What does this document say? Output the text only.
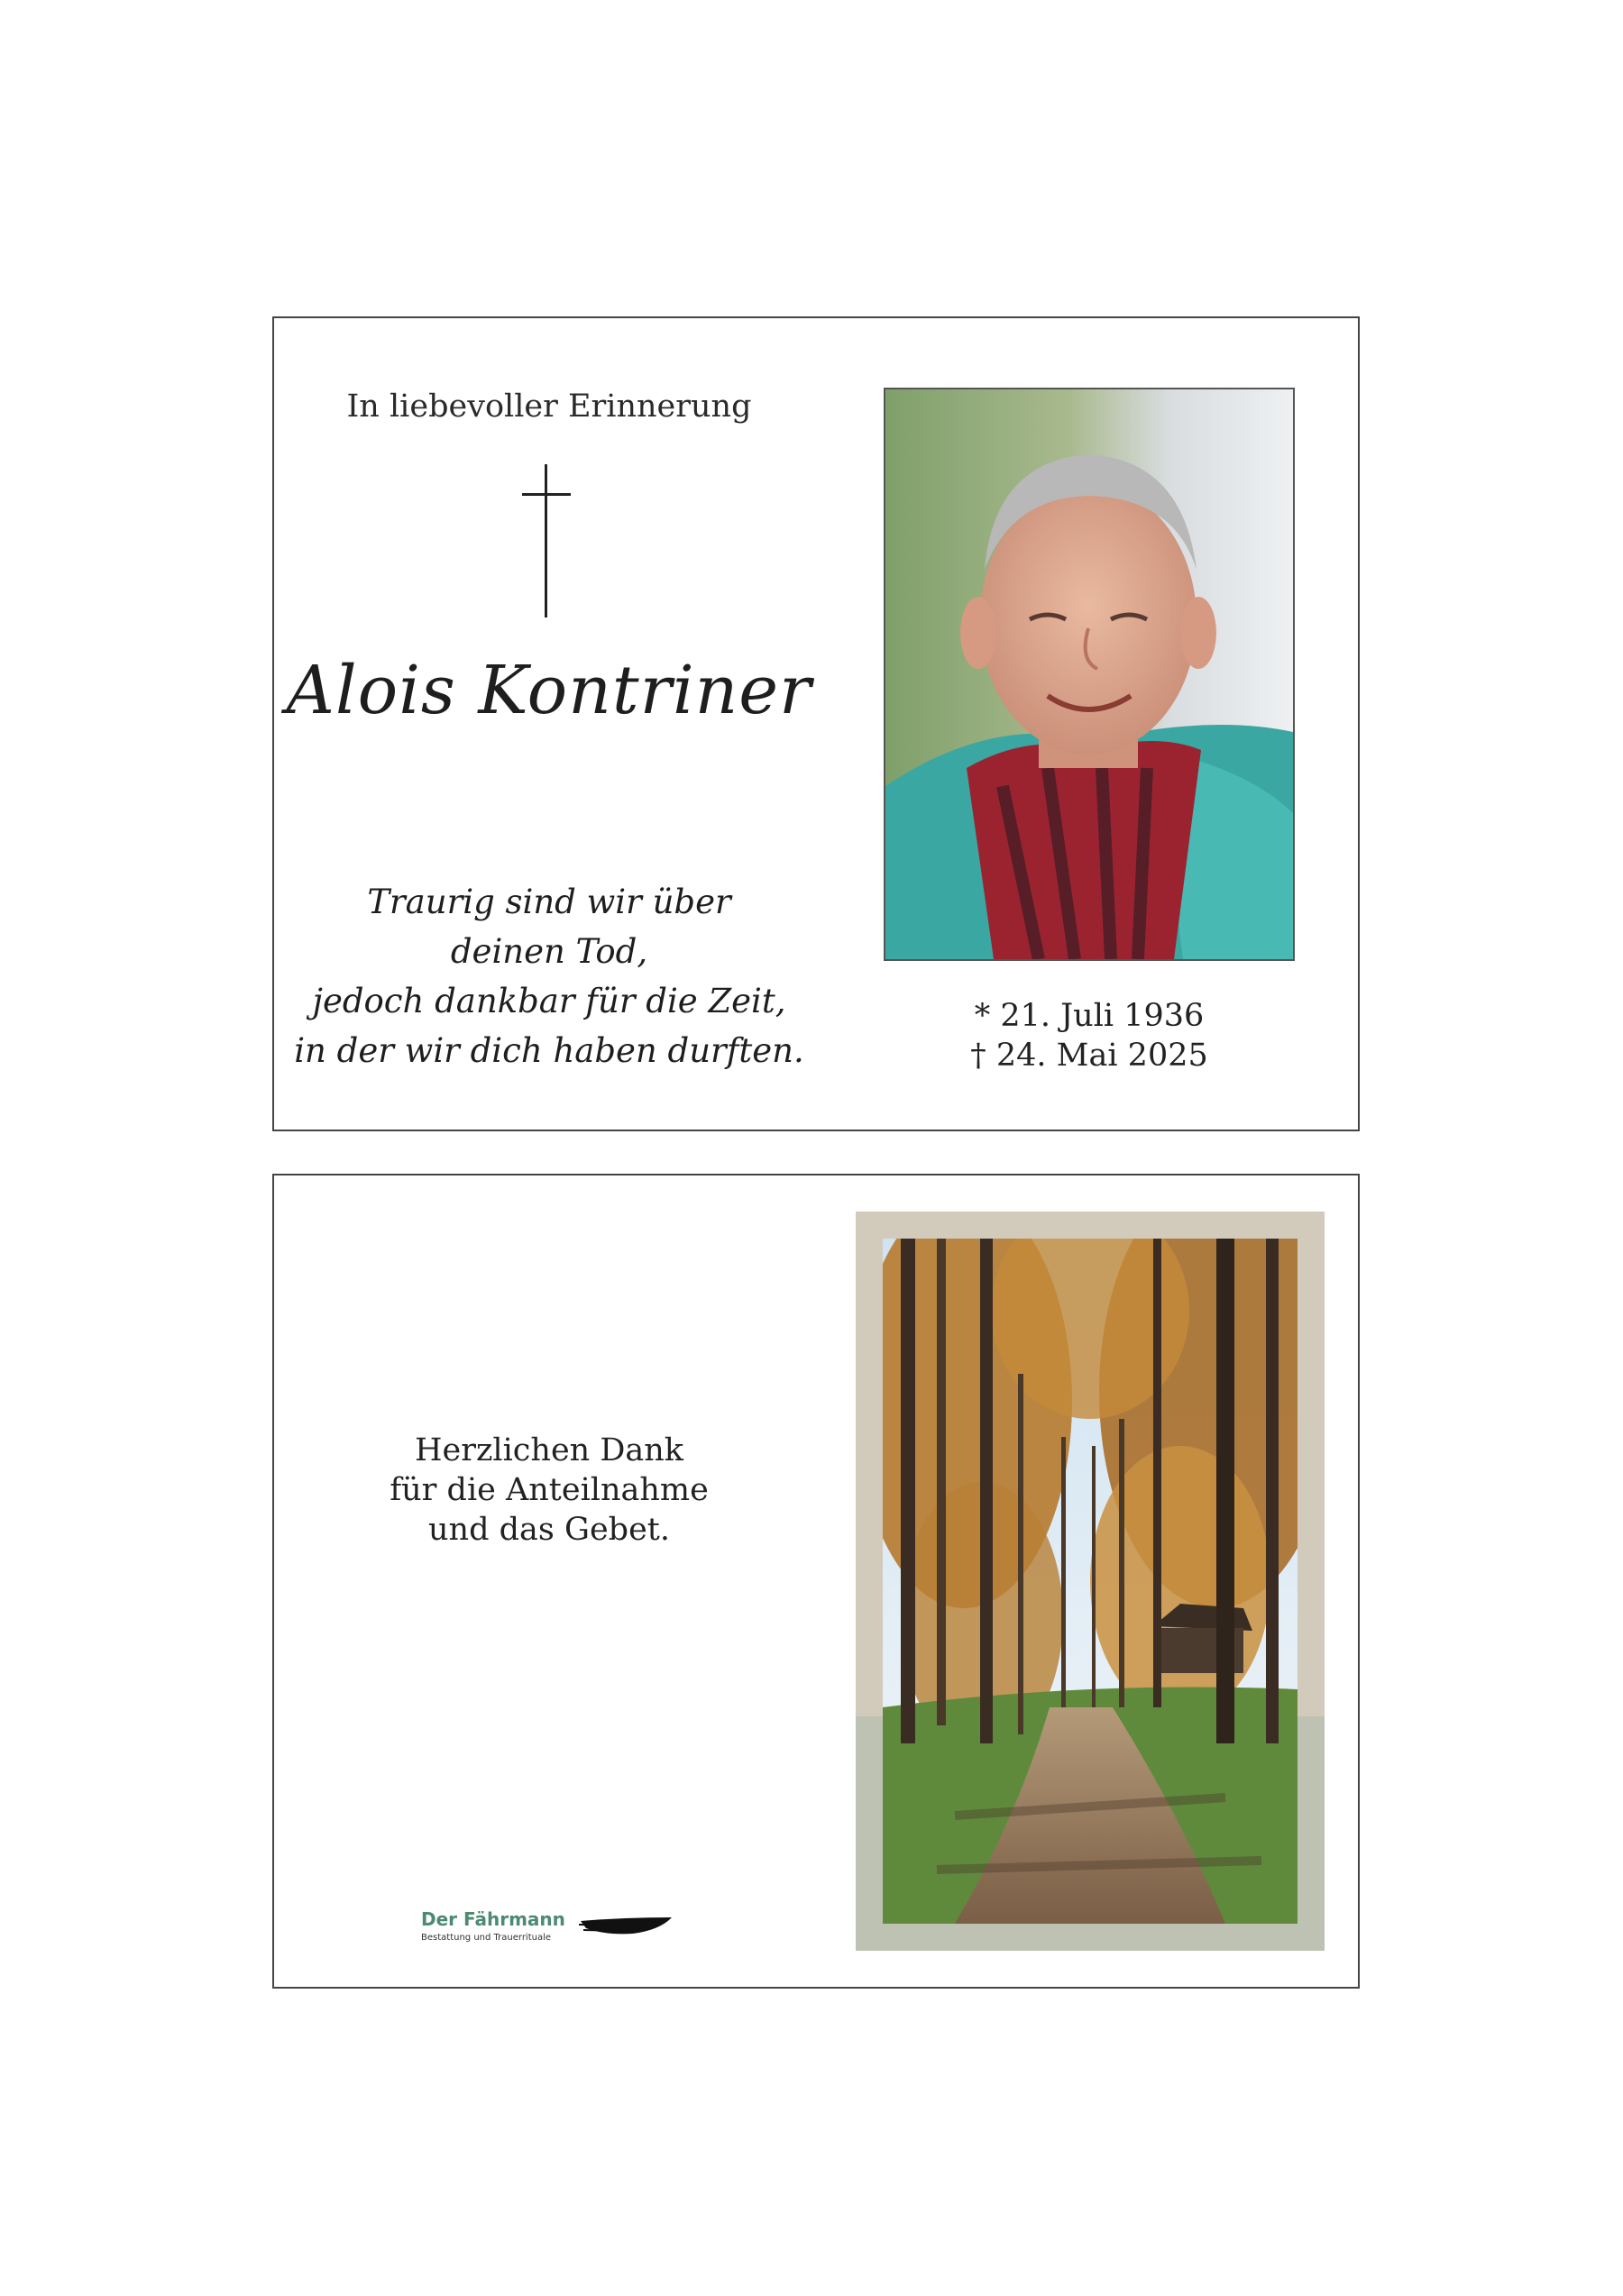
In liebevoller Erinnerung
Alois Kontriner
Traurig sind wir über
deinen Tod,
jedoch dankbar für die Zeit,
in der wir dich haben durften.
* 21. Juli 1936
† 24. Mai 2025
Herzlichen Dank
für die Anteilnahme
und das Gebet.
Der Fährmann
Bestattung und Trauerrituale
